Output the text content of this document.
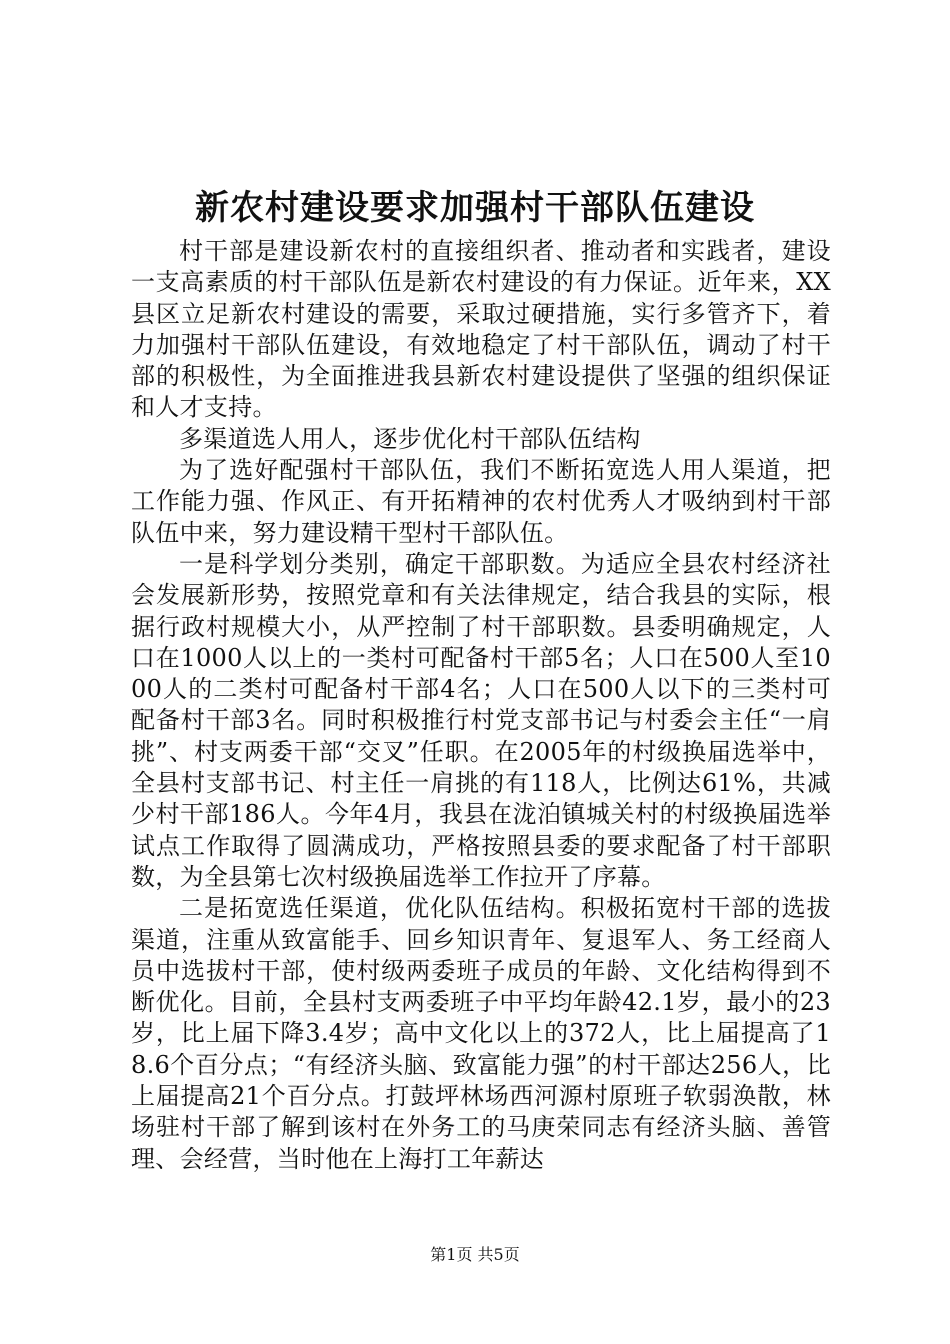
新农村建设要求加强村干部队伍建设

村干部是建设新农村的直接组织者、推动者和实践者，建设一支高素质的村干部队伍是新农村建设的有力保证。近年来，XX县区立足新农村建设的需要，采取过硬措施，实行多管齐下，着力加强村干部队伍建设，有效地稳定了村干部队伍，调动了村干部的积极性，为全面推进我县新农村建设提供了坚强的组织保证和人才支持。

多渠道选人用人，逐步优化村干部队伍结构

为了选好配强村干部队伍，我们不断拓宽选人用人渠道，把工作能力强、作风正、有开拓精神的农村优秀人才吸纳到村干部队伍中来，努力建设精干型村干部队伍。

一是科学划分类别，确定干部职数。为适应全县农村经济社会发展新形势，按照党章和有关法律规定，结合我县的实际，根据行政村规模大小，从严控制了村干部职数。县委明确规定，人口在1000人以上的一类村可配备村干部5名；人口在500人至1000人的二类村可配备村干部4名；人口在500人以下的三类村可配备村干部3名。同时积极推行村党支部书记与村委会主任“一肩挑”、村支两委干部“交叉”任职。在2005年的村级换届选举中，全县村支部书记、村主任一肩挑的有118人，比例达61%，共减少村干部186人。今年4月，我县在泷泊镇城关村的村级换届选举试点工作取得了圆满成功，严格按照县委的要求配备了村干部职数，为全县第七次村级换届选举工作拉开了序幕。

二是拓宽选任渠道，优化队伍结构。积极拓宽村干部的选拔渠道，注重从致富能手、回乡知识青年、复退军人、务工经商人员中选拔村干部，使村级两委班子成员的年龄、文化结构得到不断优化。目前，全县村支两委班子中平均年龄42.1岁，最小的23岁，比上届下降3.4岁；高中文化以上的372人，比上届提高了18.6个百分点；“有经济头脑、致富能力强”的村干部达256人，比上届提高21个百分点。打鼓坪林场西河源村原班子软弱涣散，林场驻村干部了解到该村在外务工的马庚荣同志有经济头脑、善管理、会经营，当时他在上海打工年薪达

第1页 共5页
